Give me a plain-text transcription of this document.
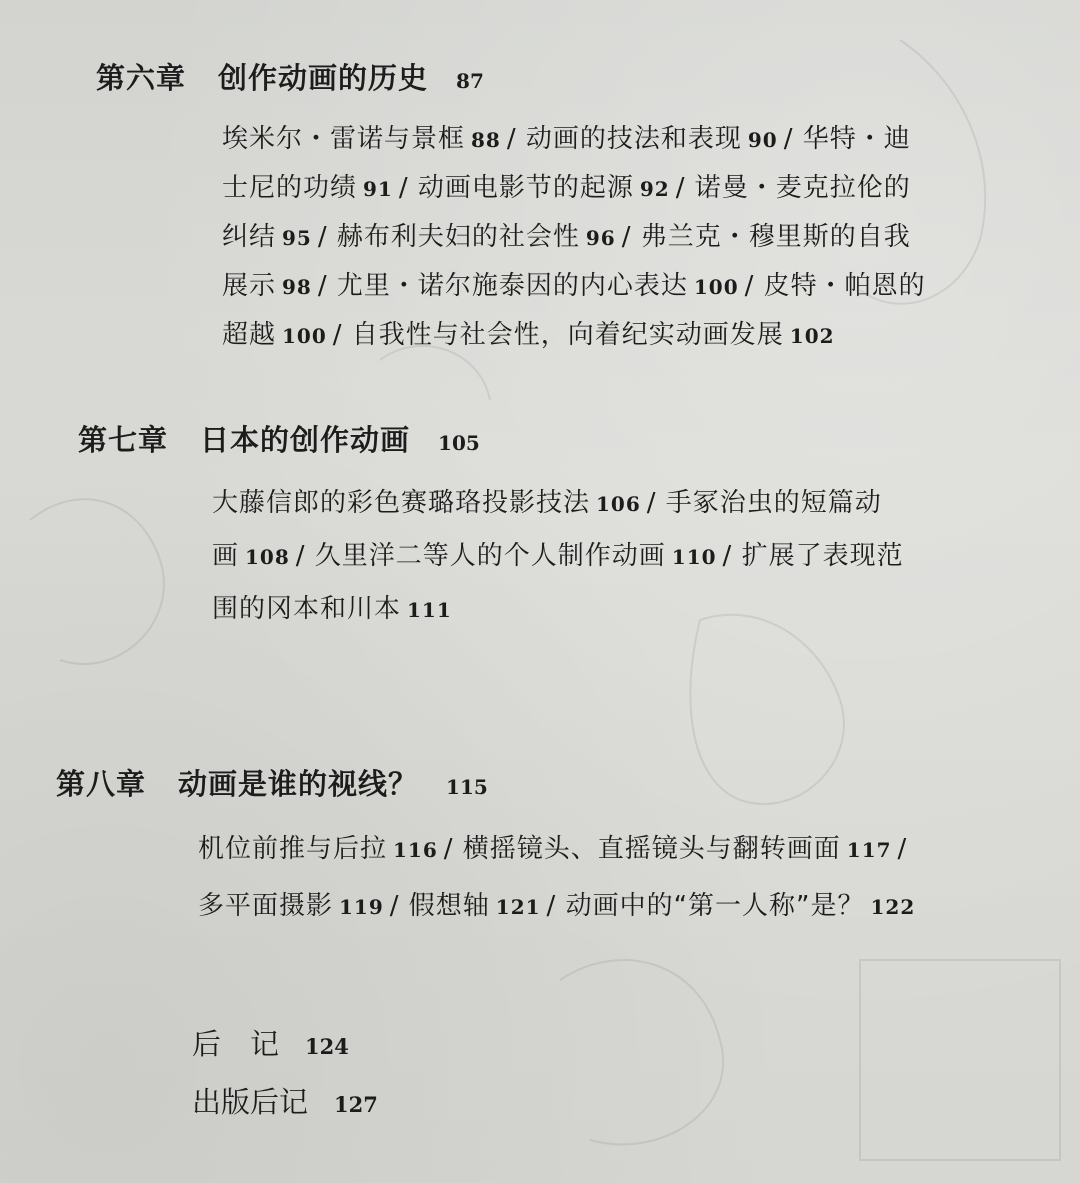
第六章 创作动画的历史 87
埃米尔・雷诺与景框 88 / 动画的技法和表现 90 / 华特・迪
士尼的功绩 91 / 动画电影节的起源 92 / 诺曼・麦克拉伦的
纠结 95 / 赫布利夫妇的社会性 96 / 弗兰克・穆里斯的自我
展示 98 / 尤里・诺尔施泰因的内心表达 100 / 皮特・帕恩的
超越 100 / 自我性与社会性，向着纪实动画发展 102
第七章 日本的创作动画 105
大藤信郎的彩色赛璐珞投影技法 106 / 手冢治虫的短篇动
画 108 / 久里洋二等人的个人制作动画 110 / 扩展了表现范
围的冈本和川本 111
第八章 动画是谁的视线？ 115
机位前推与后拉 116 / 横摇镜头、直摇镜头与翻转画面 117 /
多平面摄影 119 / 假想轴 121 / 动画中的“第一人称”是？ 122
后　记 124
出版后记 127
